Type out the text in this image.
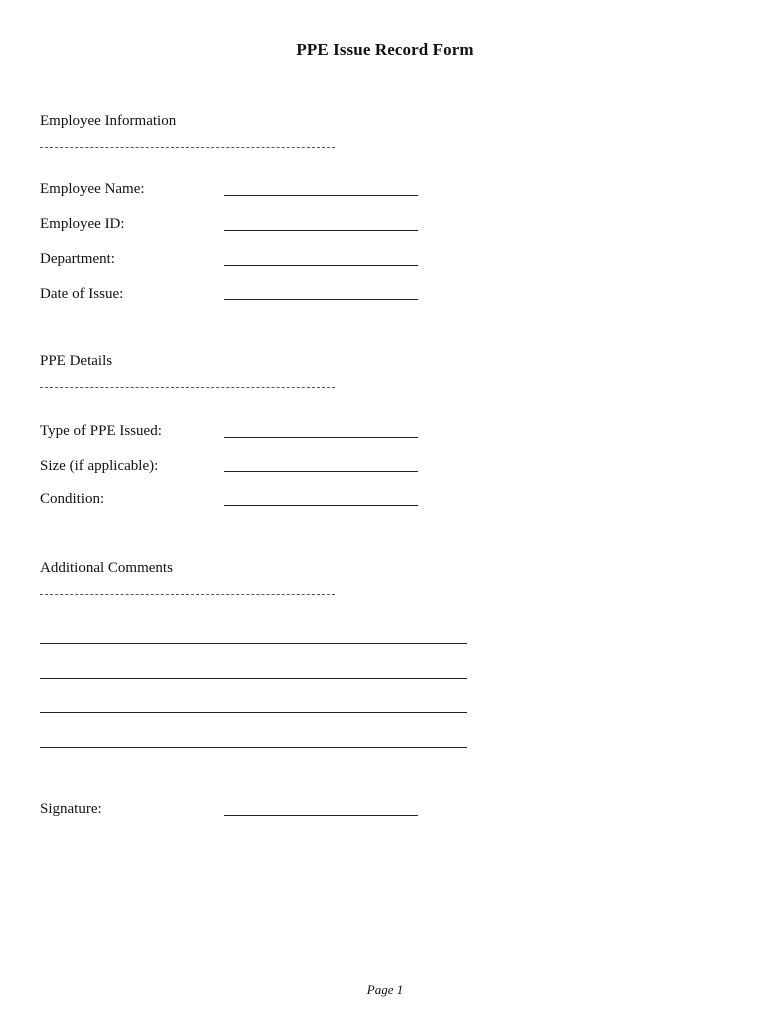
PPE Issue Record Form
Employee Information
Employee Name:
Employee ID:
Department:
Date of Issue:
PPE Details
Type of PPE Issued:
Size (if applicable):
Condition:
Additional Comments
Signature:
Page 1
